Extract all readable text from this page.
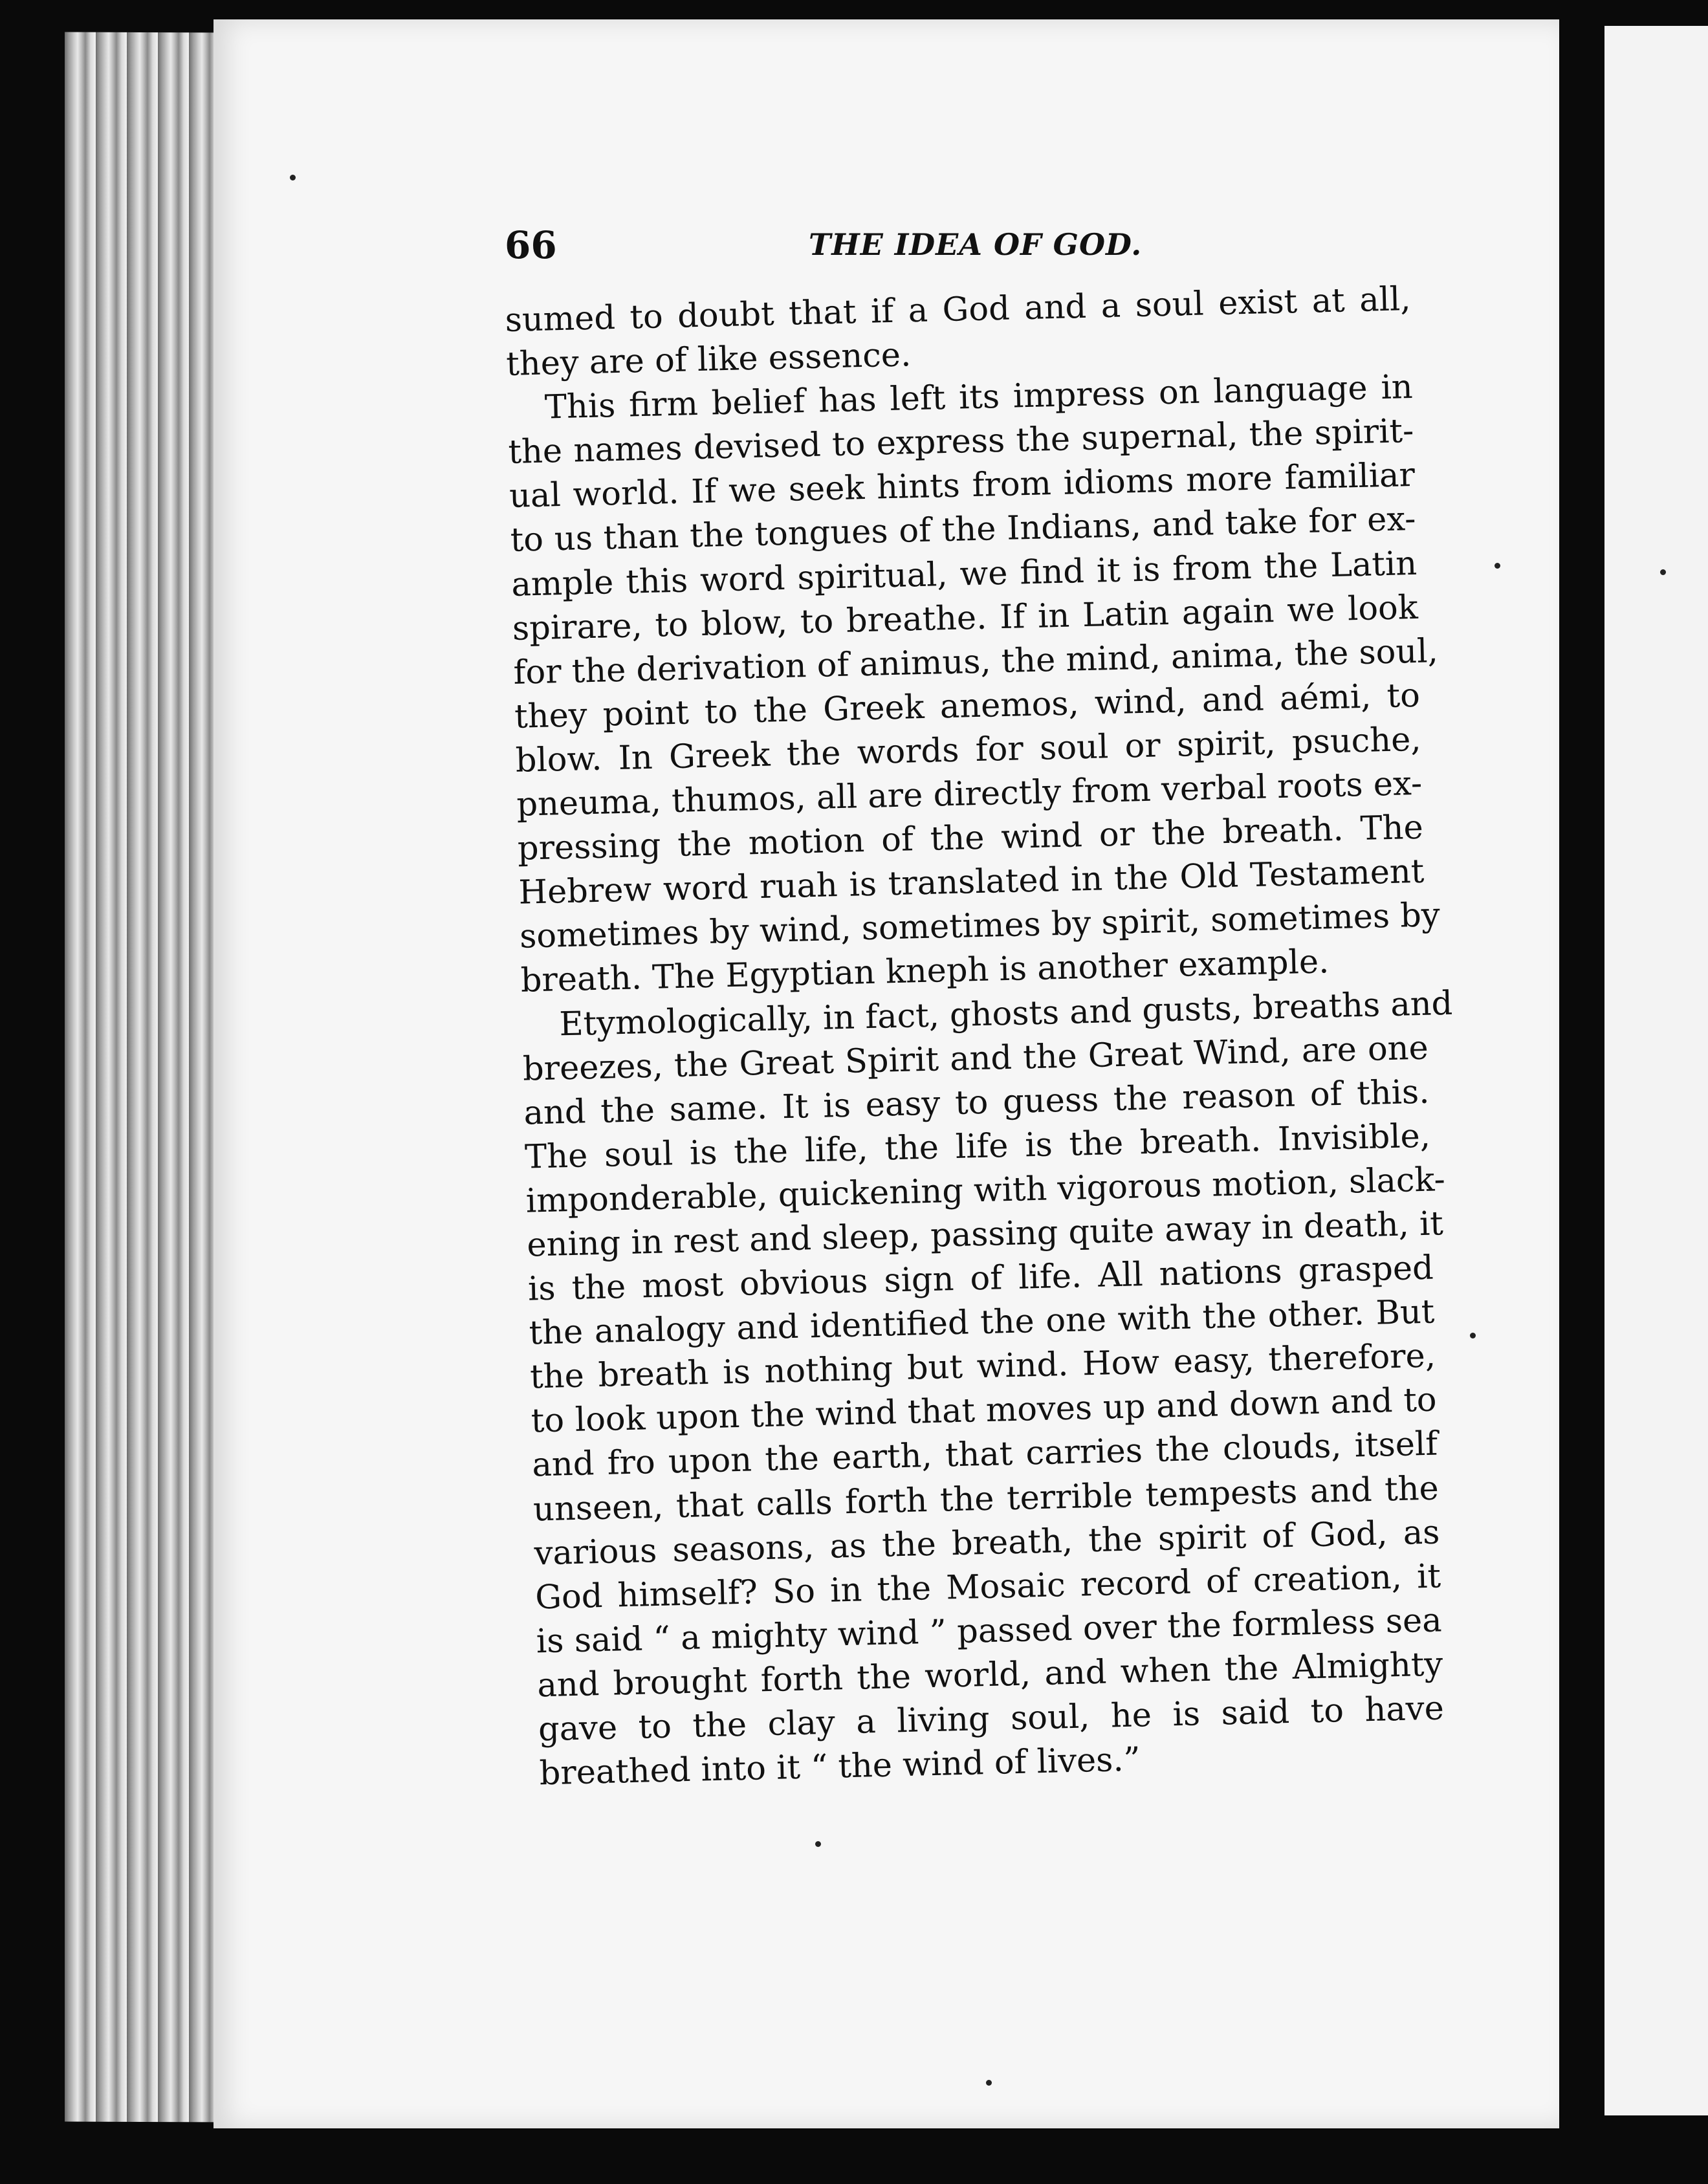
66	THE IDEA OF GOD.
sumed to doubt that if a God and a soul exist at all,
they are of like essence.
This firm belief has left its impress on language in
the names devised to express the supernal, the spirit-
ual world. If we seek hints from idioms more familiar
to us than the tongues of the Indians, and take for ex-
ample this word spiritual, we find it is from the Latin
spirare, to blow, to breathe. If in Latin again we look
for the derivation of animus, the mind, anima, the soul,
they point to the Greek anemos, wind, and aémi, to
blow. In Greek the words for soul or spirit, psuche,
pneuma, thumos, all are directly from verbal roots ex-
pressing the motion of the wind or the breath. The
Hebrew word ruah is translated in the Old Testament
sometimes by wind, sometimes by spirit, sometimes by
breath. The Egyptian kneph is another example.
Etymologically, in fact, ghosts and gusts, breaths and
breezes, the Great Spirit and the Great Wind, are one
and the same. It is easy to guess the reason of this.
The soul is the life, the life is the breath. Invisible,
imponderable, quickening with vigorous motion, slack-
ening in rest and sleep, passing quite away in death, it
is the most obvious sign of life. All nations grasped
the analogy and identified the one with the other. But
the breath is nothing but wind. How easy, therefore,
to look upon the wind that moves up and down and to
and fro upon the earth, that carries the clouds, itself
unseen, that calls forth the terrible tempests and the
various seasons, as the breath, the spirit of God, as
God himself? So in the Mosaic record of creation, it
is said “ a mighty wind ” passed over the formless sea
and brought forth the world, and when the Almighty
gave to the clay a living soul, he is said to have
breathed into it “ the wind of lives.”
